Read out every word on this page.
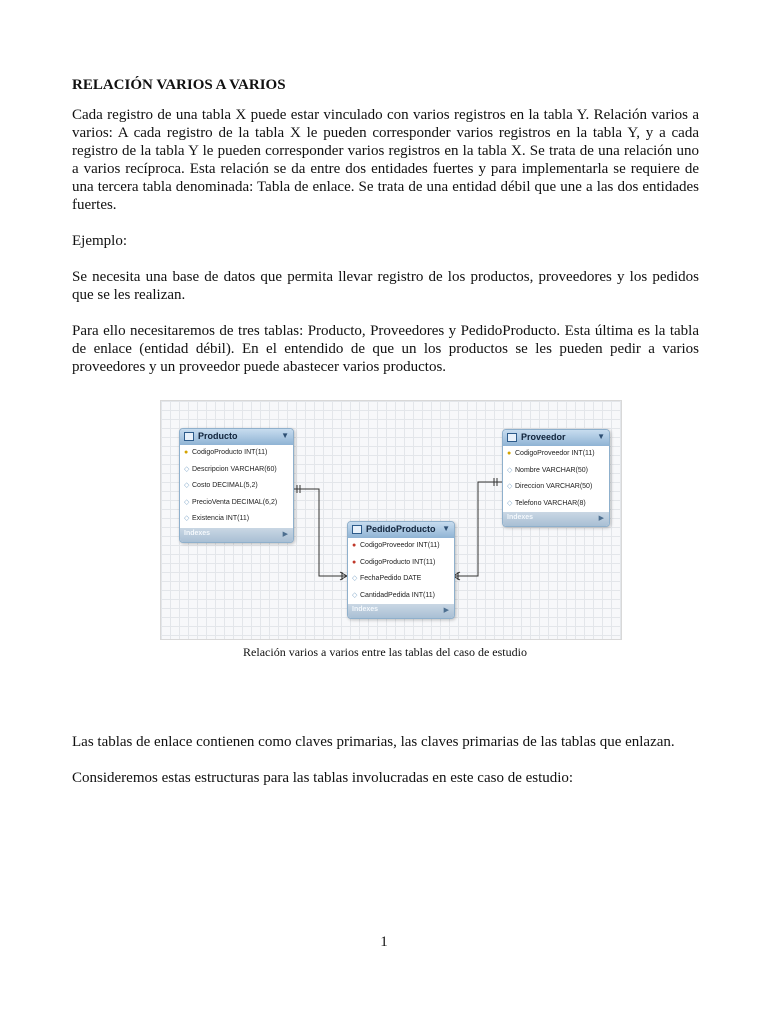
RELACIÓN VARIOS A VARIOS

Cada registro de una tabla X puede estar vinculado con varios registros en la tabla Y. Relación varios a varios: A cada registro de la tabla X le pueden corresponder varios registros en la tabla Y, y a cada registro de la tabla Y le pueden corresponder varios registros en la tabla X. Se trata de una relación uno a varios recíproca. Esta relación se da entre dos entidades fuertes y para implementarla se requiere de una tercera tabla denominada: Tabla de enlace. Se trata de una entidad débil que une a las dos entidades fuertes.

Ejemplo:

Se necesita una base de datos que permita llevar registro de los productos, proveedores y los pedidos que se les realizan.

Para ello necesitaremos de tres tablas: Producto, Proveedores y PedidoProducto. Esta última es la tabla de enlace (entidad débil). En el entendido de que un los productos se les pueden pedir a varios proveedores y un proveedor puede abastecer varios productos.

Producto	▼
● CodigoProducto INT(11)
◇ Descripcion VARCHAR(60)
◇ Costo DECIMAL(5,2)
◇ PrecioVenta DECIMAL(6,2)
◇ Existencia INT(11)
Indexes	▶
Proveedor	▼
● CodigoProveedor INT(11)
◇ Nombre VARCHAR(50)
◇ Direccion VARCHAR(50)
◇ Telefono VARCHAR(8)
Indexes	▶
PedidoProducto ▼
● CodigoProveedor INT(11)
● CodigoProducto INT(11)
◇ FechaPedido DATE
◇ CantidadPedida INT(11)
Indexes	▶
Relación varios a varios entre las tablas del caso de estudio

Las tablas de enlace contienen como claves primarias, las claves primarias de las tablas que enlazan.

Consideremos estas estructuras para las tablas involucradas en este caso de estudio:

1
